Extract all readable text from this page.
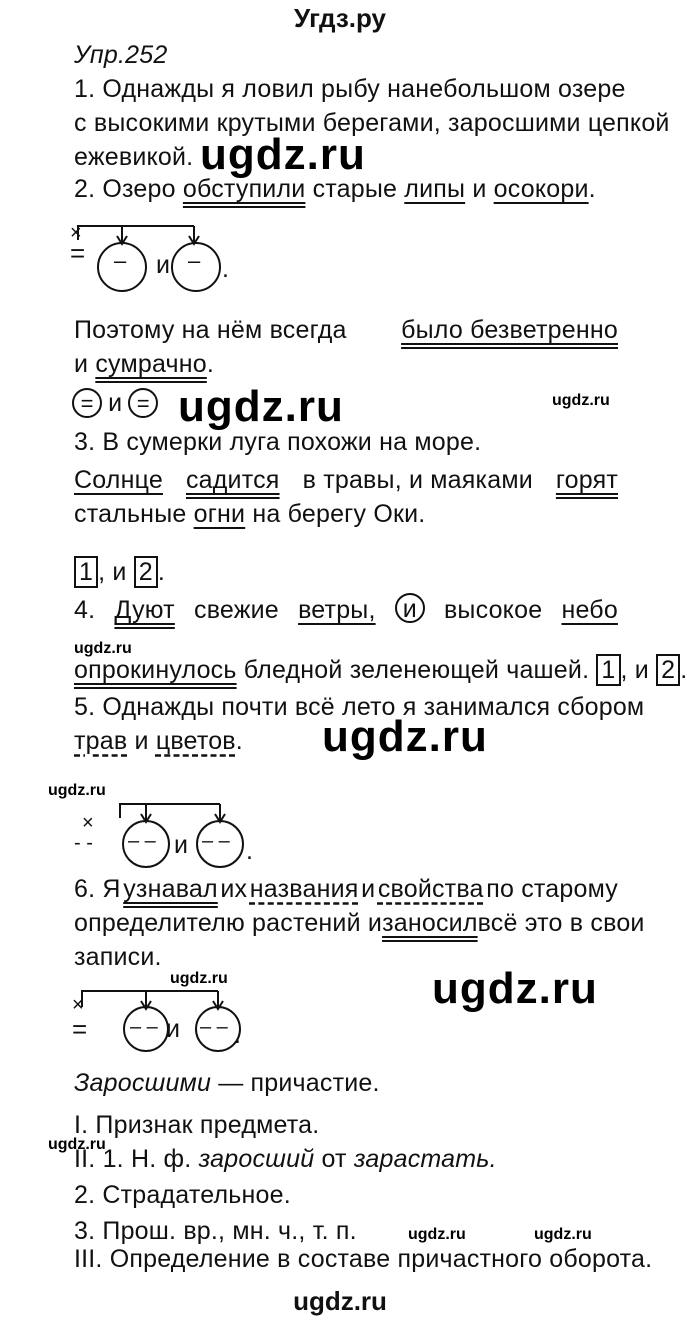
Угдз.ру
Упр.252
1. Однажды я ловил рыбу на небольшом озере
с высокими крутыми берегами, заросшими цепкой
ежевикой. ugdz.ru
2. Озеро обступили старые липы и осокори.
×
= – и – .
Поэтому на нём всегда было безветренно
и сумрачно.
= и = ugdz.ru	ugdz.ru
3. В сумерки луга похожи на море.
Солнце садится в травы, и маяками горят
стальные огни на берегу Оки.
1 , и 2 .
4. Дуют свежие ветры,	и	высокое небо
ugdz.ru
опрокинулось бледной зеленеющей чашей. 1 , и 2 .
5. Однажды почти всё лето я занимался сбором
трав и цветов. ugdz.ru
ugdz.ru
×
- - – – и – – .
6. Я узнавал их названия и свойства по старому
определителю растений и заносил всё это в свои
записи.
ugdz.ru	ugdz.ru
×
= – – и – – .
Заросшими — причастие.
I. Признак предмета.
ugdz.ru
II. 1. Н. ф. заросший от зарастать.
2. Страдательное.
3. Прош. вр., мн. ч., т. п.	ugdz.ru	ugdz.ru
III. Определение в составе причастного оборота.
ugdz.ru
